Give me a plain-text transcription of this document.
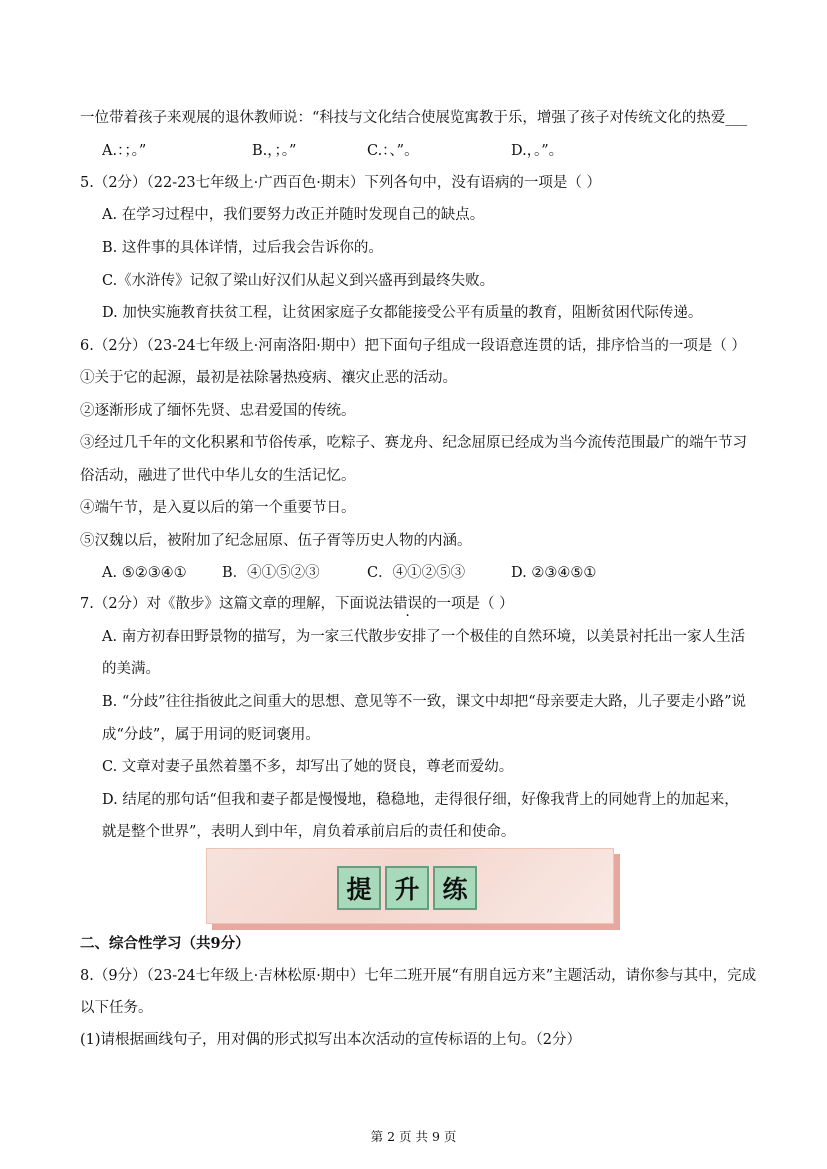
一位带着孩子来观展的退休教师说：“科技与文化结合使展览寓教于乐，增强了孩子对传统文化的热爱___
A.：；。”	B.，；。”	C.：、”。	D.，。”。
5.（2分）（22-23七年级上·广西百色·期末）下列各句中，没有语病的一项是（ ）
A. 在学习过程中，我们要努力改正并随时发现自己的缺点。
B. 这件事的具体详情，过后我会告诉你的。
C.《水浒传》记叙了梁山好汉们从起义到兴盛再到最终失败。
D. 加快实施教育扶贫工程，让贫困家庭子女都能接受公平有质量的教育，阻断贫困代际传递。
6.（2分）（23-24七年级上·河南洛阳·期中）把下面句子组成一段语意连贯的话，排序恰当的一项是（ ）
①关于它的起源，最初是祛除暑热疫病、禳灾止恶的活动。
②逐渐形成了缅怀先贤、忠君爱国的传统。
③经过几千年的文化积累和节俗传承，吃粽子、赛龙舟、纪念屈原已经成为当今流传范围最广的端午节习
俗活动，融进了世代中华儿女的生活记忆。
④端午节，是入夏以后的第一个重要节日。
⑤汉魏以后，被附加了纪念屈原、伍子胥等历史人物的内涵。
A. ⑤②③④① B．④①⑤②③	C．④①②⑤③	D. ②③④⑤①
7.（2分）对《散步》这篇文章的理解，下面说法错误的一项是（ ）
A. 南方初春田野景物的描写，为一家三代散步安排了一个极佳的自然环境，以美景衬托出一家人生活
的美满。
B. “分歧”往往指彼此之间重大的思想、意见等不一致，课文中却把“母亲要走大路，儿子要走小路”说
成“分歧”，属于用词的贬词褒用。
C. 文章对妻子虽然着墨不多，却写出了她的贤良，尊老而爱幼。
D. 结尾的那句话“但我和妻子都是慢慢地，稳稳地，走得很仔细，好像我背上的同她背上的加起来，
就是整个世界”，表明人到中年，肩负着承前启后的责任和使命。
提 升 练
二、综合性学习（共9分）
8.（9分）（23-24七年级上·吉林松原·期中）七年二班开展“有朋自远方来”主题活动，请你参与其中，完成
以下任务。
(1)请根据画线句子，用对偶的形式拟写出本次活动的宣传标语的上句。（2分）
第 2 页 共 9 页
